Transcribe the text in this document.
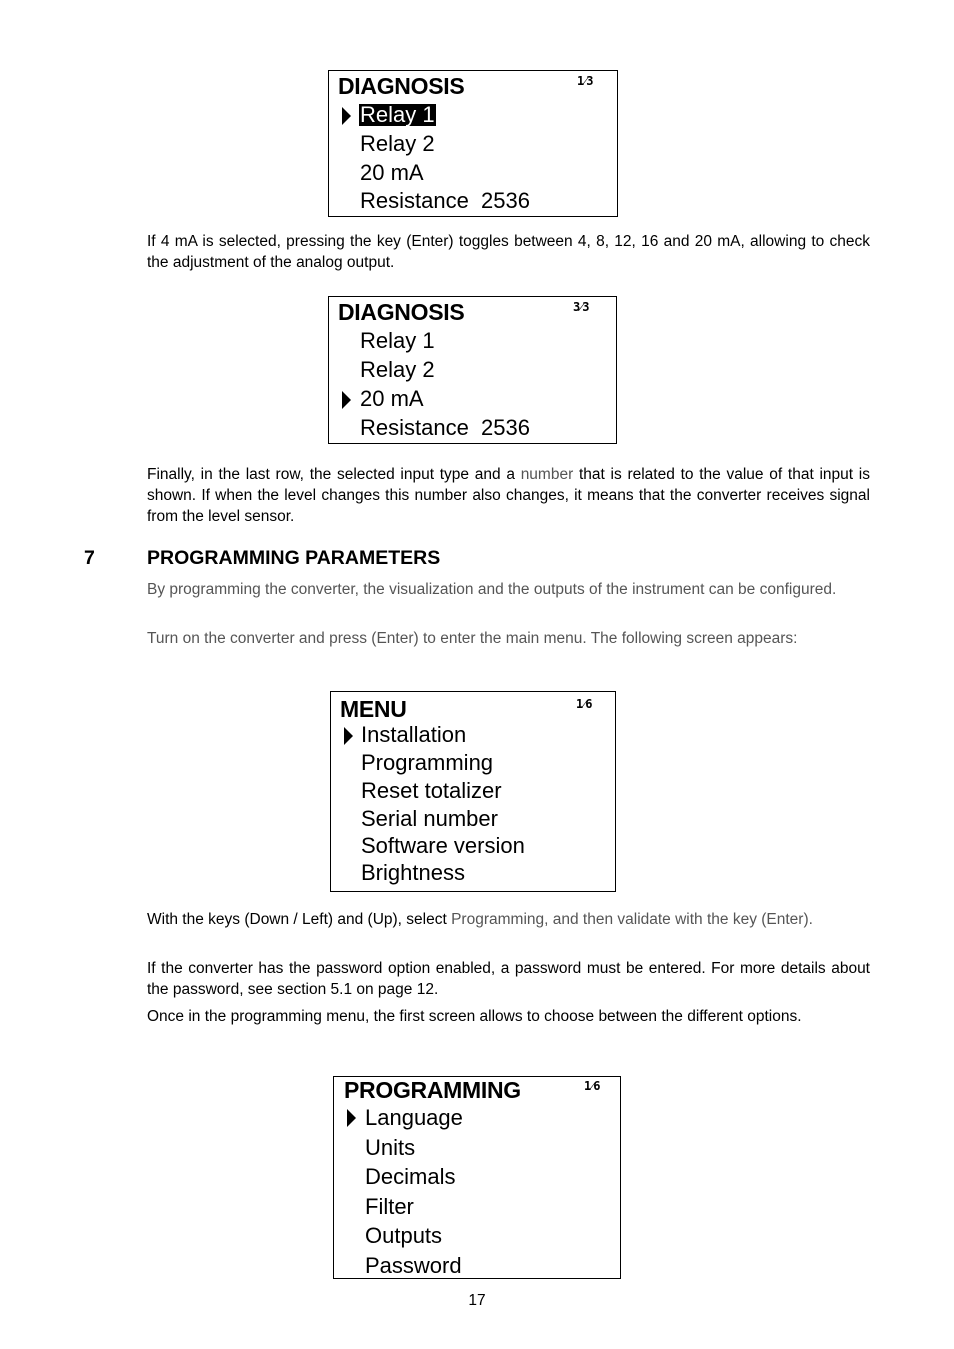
DIAGNOSIS	1⁄3
Relay 1
Relay 2
20 mA
Resistance  2536
If 4 mA is selected, pressing the key (Enter) toggles between 4, 8, 12, 16 and 20 mA, allowing to check the adjustment of the analog output.
DIAGNOSIS	3⁄3
Relay 1
Relay 2
20 mA
Resistance  2536
Finally, in the last row, the selected input type and a number that is related to the value of that input is shown. If when the level changes this number also changes, it means that the converter receives signal from the level sensor.
7	PROGRAMMING PARAMETERS
By programming the converter, the visualization and the outputs of the instrument can be configured.
Turn on the converter and press (Enter) to enter the main menu. The following screen appears:
MENU	1⁄6
Installation
Programming
Reset totalizer
Serial number
Software version
Brightness
With the keys (Down / Left) and (Up), select Programming, and then validate with the key (Enter).
If the converter has the password option enabled, a password must be entered. For more details about the password, see section 5.1 on page 12.
Once in the programming menu, the first screen allows to choose between the different options.
PROGRAMMING	1⁄6
Language
Units
Decimals
Filter
Outputs
Password
17
